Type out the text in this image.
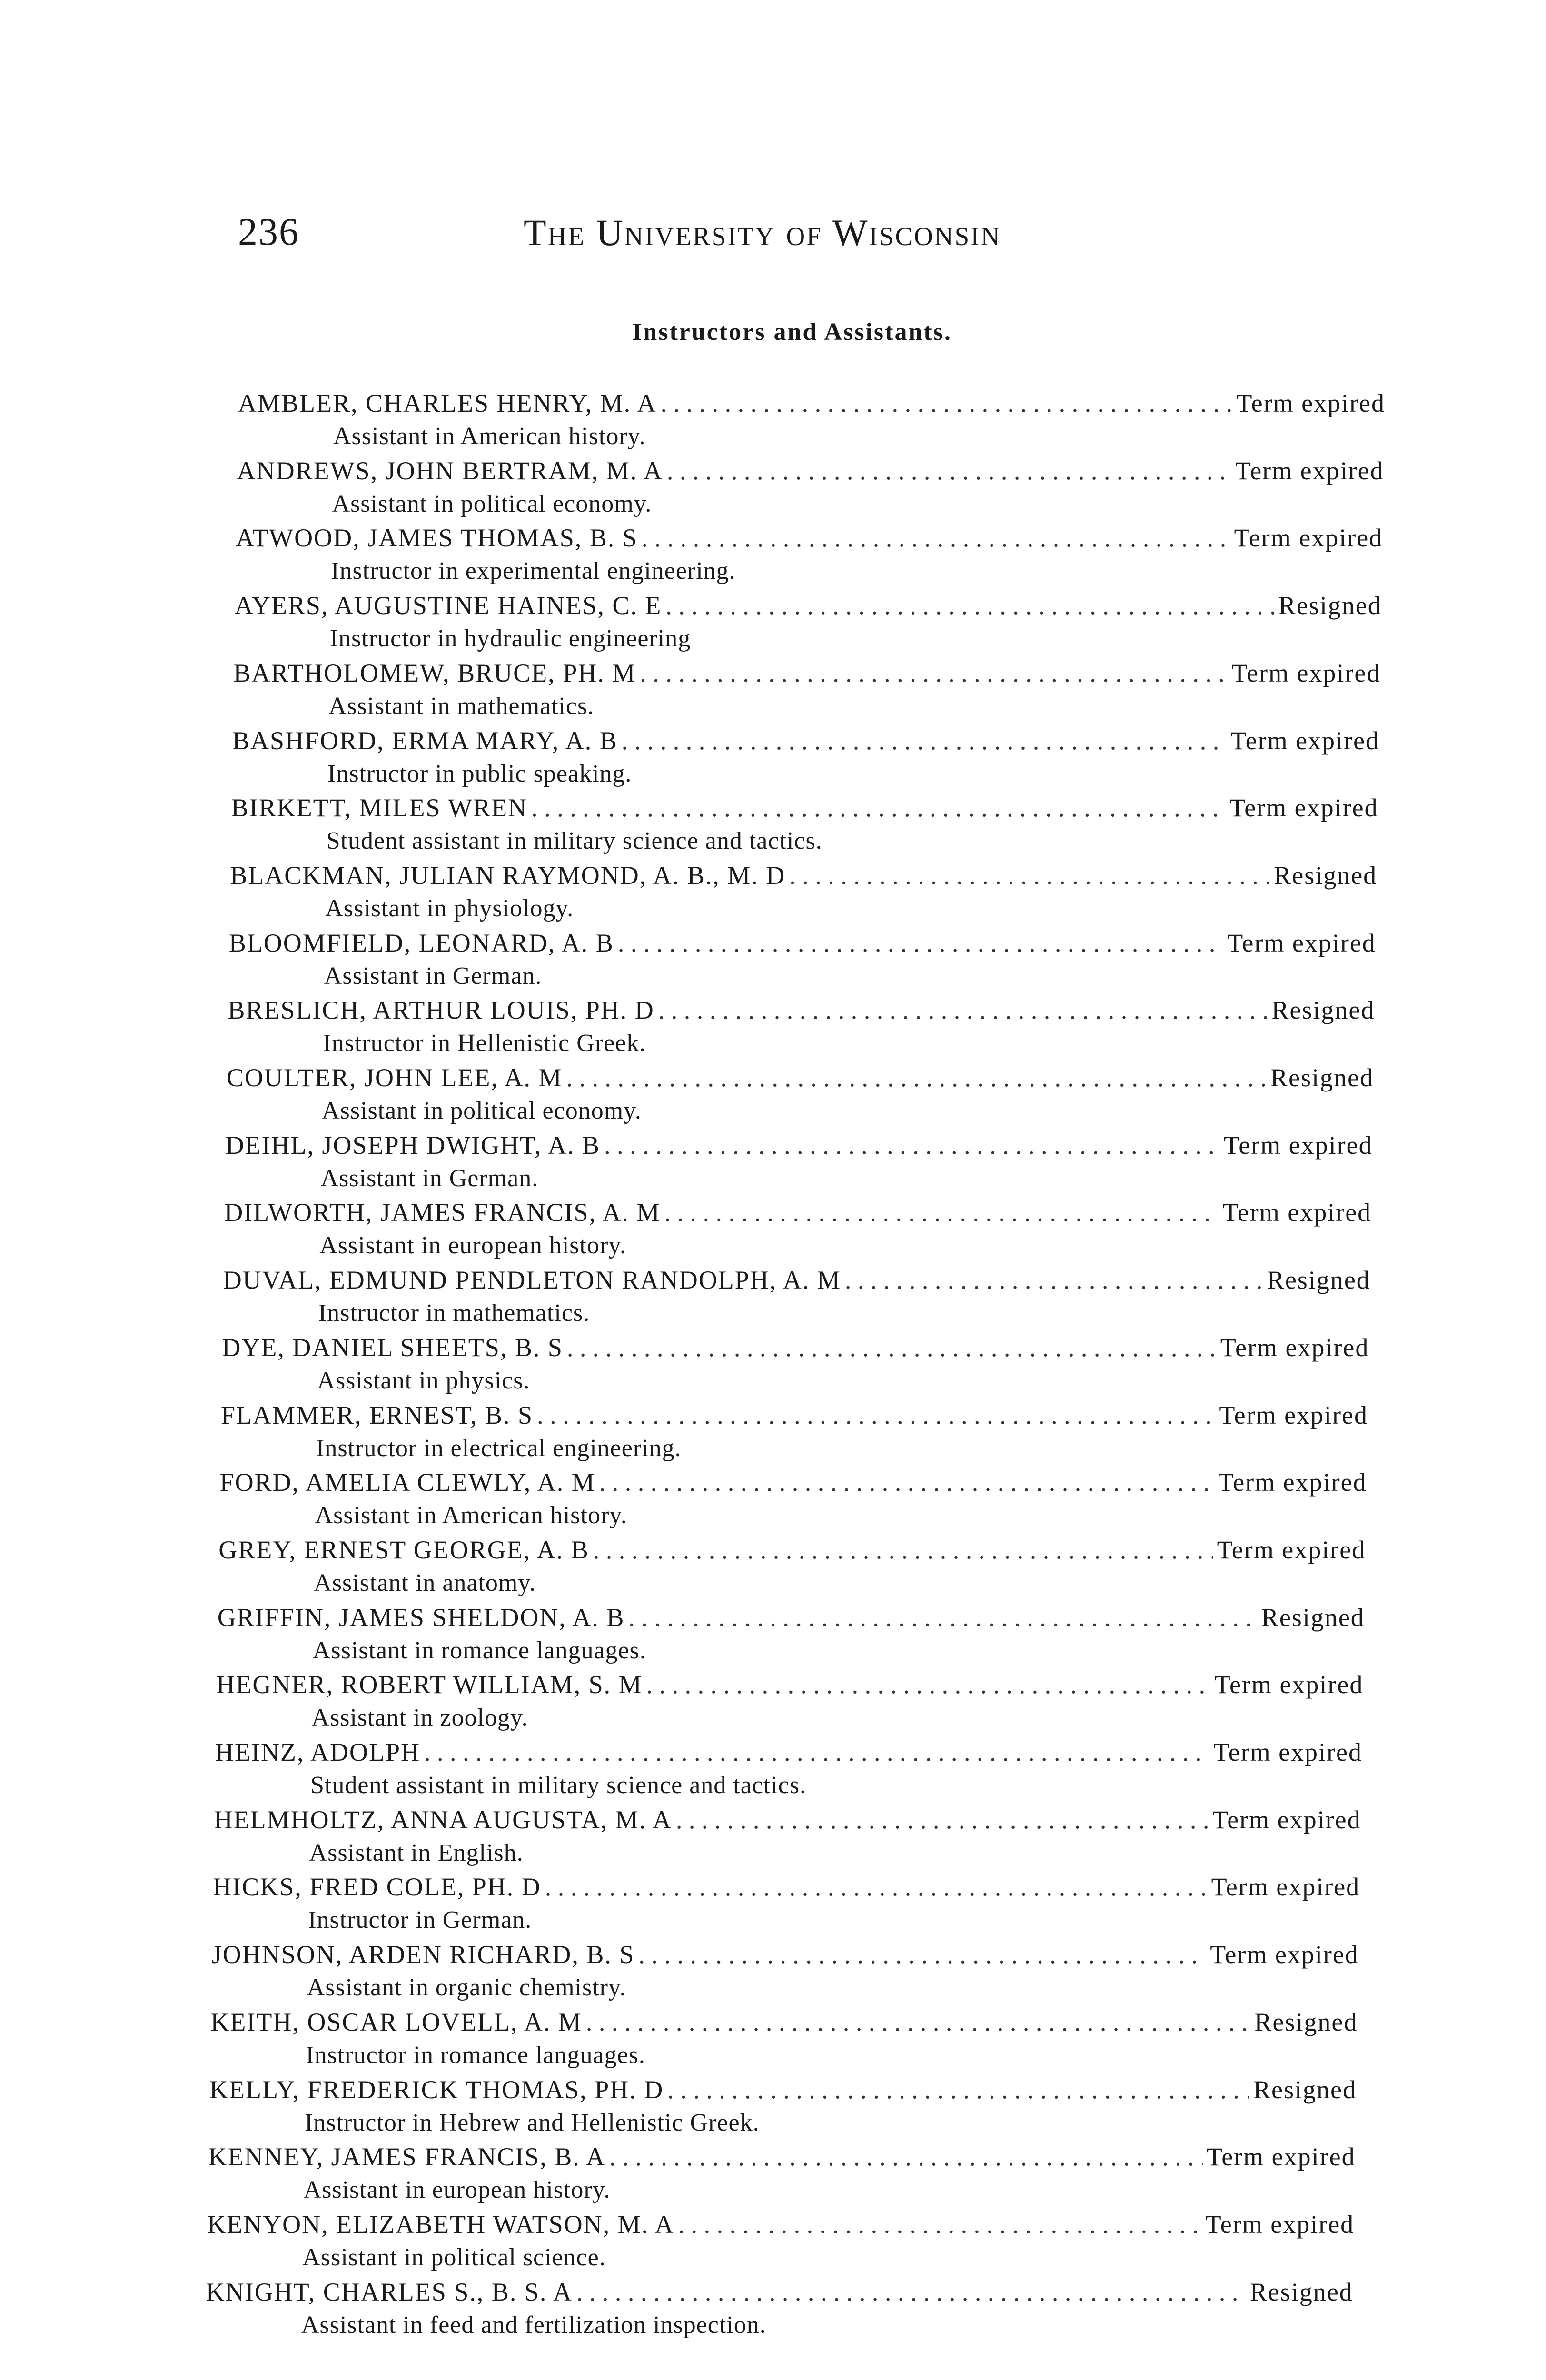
236	The University of Wisconsin
Instructors and Assistants.
AMBLER, CHARLES HENRY, M. A . . .	Term expired
Assistant in American history.
ANDREWS, JOHN BERTRAM, M. A . . .	Term expired
Assistant in political economy.
ATWOOD, JAMES THOMAS, B. S . . .	Term expired
Instructor in experimental engineering.
AYERS, AUGUSTINE HAINES, C. E . . .	Resigned
Instructor in hydraulic engineering
BARTHOLOMEW, BRUCE, PH. M . . .	Term expired
Assistant in mathematics.
BASHFORD, ERMA MARY, A. B . . .	Term expired
Instructor in public speaking.
BIRKETT, MILES WREN . . .	Term expired
Student assistant in military science and tactics.
BLACKMAN, JULIAN RAYMOND, A. B., M. D . . .	Resigned
Assistant in physiology.
BLOOMFIELD, LEONARD, A. B . . .	Term expired
Assistant in German.
BRESLICH, ARTHUR LOUIS, PH. D . . .	Resigned
Instructor in Hellenistic Greek.
COULTER, JOHN LEE, A. M . . .	Resigned
Assistant in political economy.
DEIHL, JOSEPH DWIGHT, A. B . . .	Term expired
Assistant in German.
DILWORTH, JAMES FRANCIS, A. M . . .	Term expired
Assistant in european history.
DUVAL, EDMUND PENDLETON RANDOLPH, A. M . . .	Resigned
Instructor in mathematics.
DYE, DANIEL SHEETS, B. S . . .	Term expired
Assistant in physics.
FLAMMER, ERNEST, B. S . . .	Term expired
Instructor in electrical engineering.
FORD, AMELIA CLEWLY, A. M . . .	Term expired
Assistant in American history.
GREY, ERNEST GEORGE, A. B . . .	Term expired
Assistant in anatomy.
GRIFFIN, JAMES SHELDON, A. B . . .	Resigned
Assistant in romance languages.
HEGNER, ROBERT WILLIAM, S. M . . .	Term expired
Assistant in zoology.
HEINZ, ADOLPH . . .	Term expired
Student assistant in military science and tactics.
HELMHOLTZ, ANNA AUGUSTA, M. A . . .	Term expired
Assistant in English.
HICKS, FRED COLE, PH. D . . .	Term expired
Instructor in German.
JOHNSON, ARDEN RICHARD, B. S . . .	Term expired
Assistant in organic chemistry.
KEITH, OSCAR LOVELL, A. M . . .	Resigned
Instructor in romance languages.
KELLY, FREDERICK THOMAS, PH. D . . .	Resigned
Instructor in Hebrew and Hellenistic Greek.
KENNEY, JAMES FRANCIS, B. A . . .	Term expired
Assistant in european history.
KENYON, ELIZABETH WATSON, M. A . . .	Term expired
Assistant in political science.
KNIGHT, CHARLES S., B. S. A . . .	Resigned
Assistant in feed and fertilization inspection.
